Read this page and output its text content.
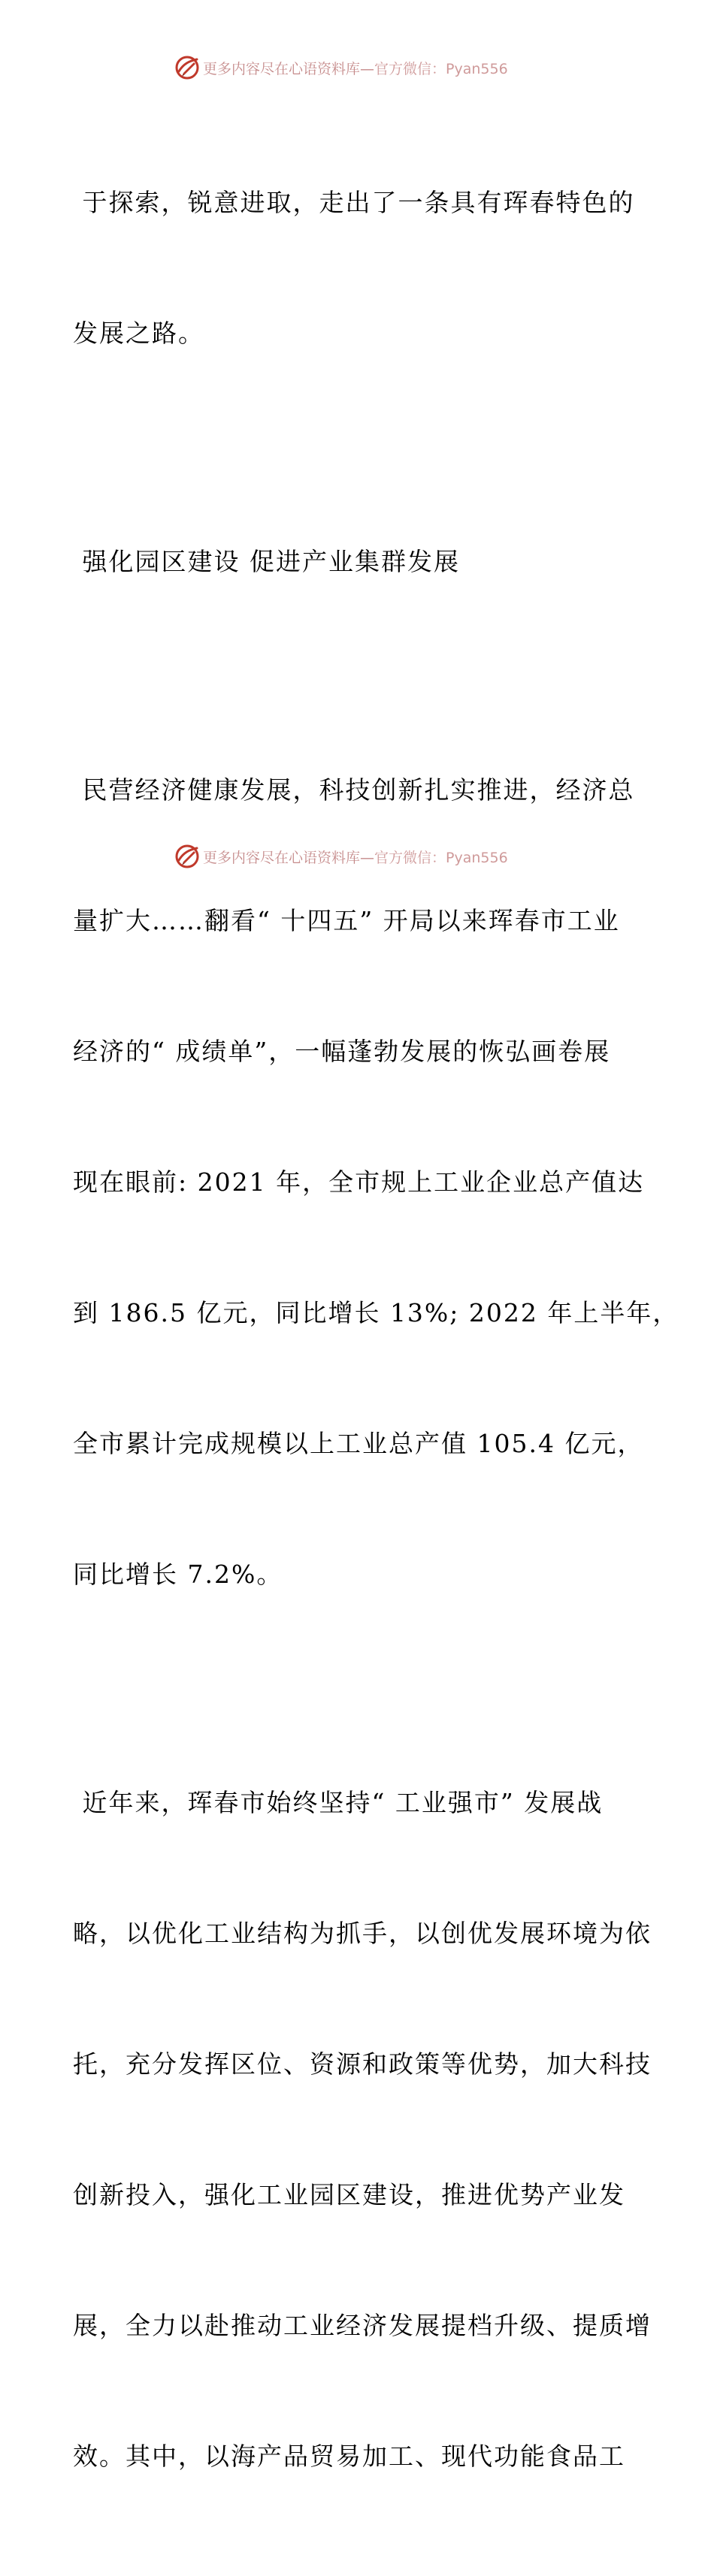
更多内容尽在心语资料库—官方微信：Pyan556

于探索，锐意进取，走出了一条具有珲春特色的

发展之路。

强化园区建设 促进产业集群发展

民营经济健康发展，科技创新扎实推进，经济总

量扩大……翻看“ 十四五” 开局以来珲春市工业

经济的“ 成绩单”，一幅蓬勃发展的恢弘画卷展

现在眼前: 2021 年，全市规上工业企业总产值达

到 186.5 亿元，同比增长 13%; 2022 年上半年，

全市累计完成规模以上工业总产值 105.4 亿元，

同比增长 7.2%。

近年来，珲春市始终坚持“ 工业强市” 发展战

略，以优化工业结构为抓手，以创优发展环境为依

托，充分发挥区位、资源和政策等优势，加大科技

创新投入，强化工业园区建设，推进优势产业发

展，全力以赴推动工业经济发展提档升级、提质增

效。其中，以海产品贸易加工、现代功能食品工

更多内容尽在心语资料库—官方微信：Pyan556
